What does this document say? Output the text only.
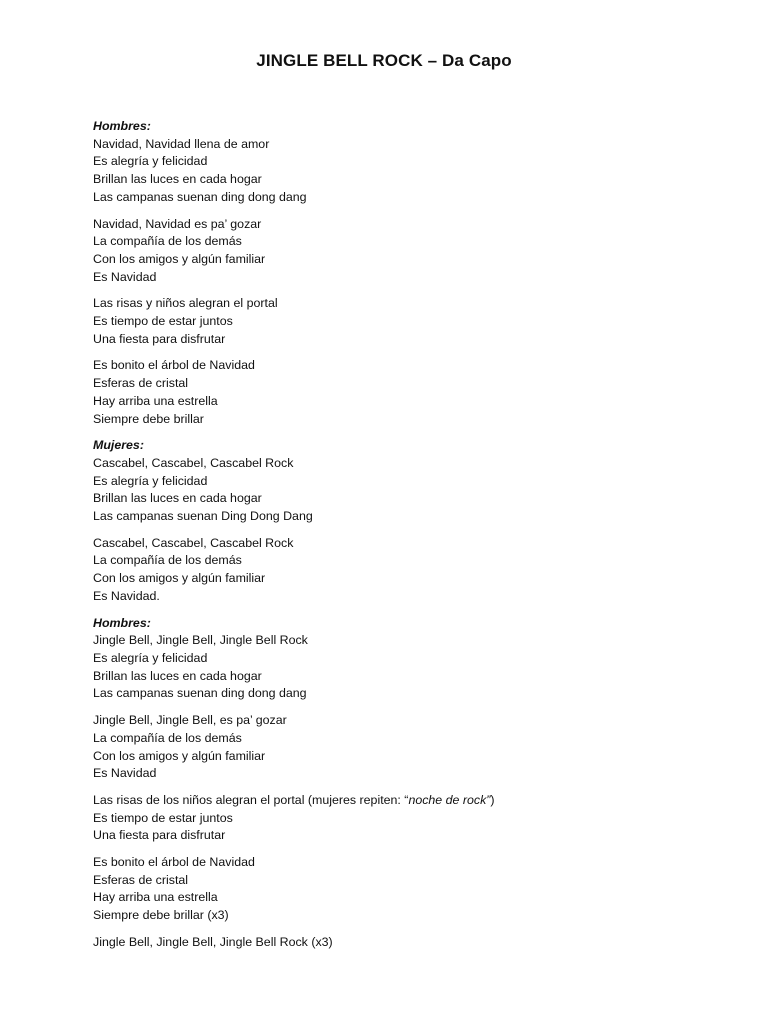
JINGLE BELL ROCK – Da Capo
Hombres:
Navidad, Navidad llena de amor
Es alegría y felicidad
Brillan las luces en cada hogar
Las campanas suenan ding dong dang
Navidad, Navidad es pa’ gozar
La compañía de los demás
Con los amigos y algún familiar
Es Navidad
Las risas y niños alegran el portal
Es tiempo de estar juntos
Una fiesta para disfrutar
Es bonito el árbol de Navidad
Esferas de cristal
Hay arriba una estrella
Siempre debe brillar
Mujeres:
Cascabel, Cascabel, Cascabel Rock
Es alegría y felicidad
Brillan las luces en cada hogar
Las campanas suenan Ding Dong Dang
Cascabel, Cascabel, Cascabel Rock
La compañía de los demás
Con los amigos y algún familiar
Es Navidad.
Hombres:
Jingle Bell, Jingle Bell, Jingle Bell Rock
Es alegría y felicidad
Brillan las luces en cada hogar
Las campanas suenan ding dong dang
Jingle Bell, Jingle Bell, es pa’ gozar
La compañía de los demás
Con los amigos y algún familiar
Es Navidad
Las risas de los niños alegran el portal (mujeres repiten: “noche de rock”)
Es tiempo de estar juntos
Una fiesta para disfrutar
Es bonito el árbol de Navidad
Esferas de cristal
Hay arriba una estrella
Siempre debe brillar (x3)
Jingle Bell, Jingle Bell, Jingle Bell Rock (x3)
